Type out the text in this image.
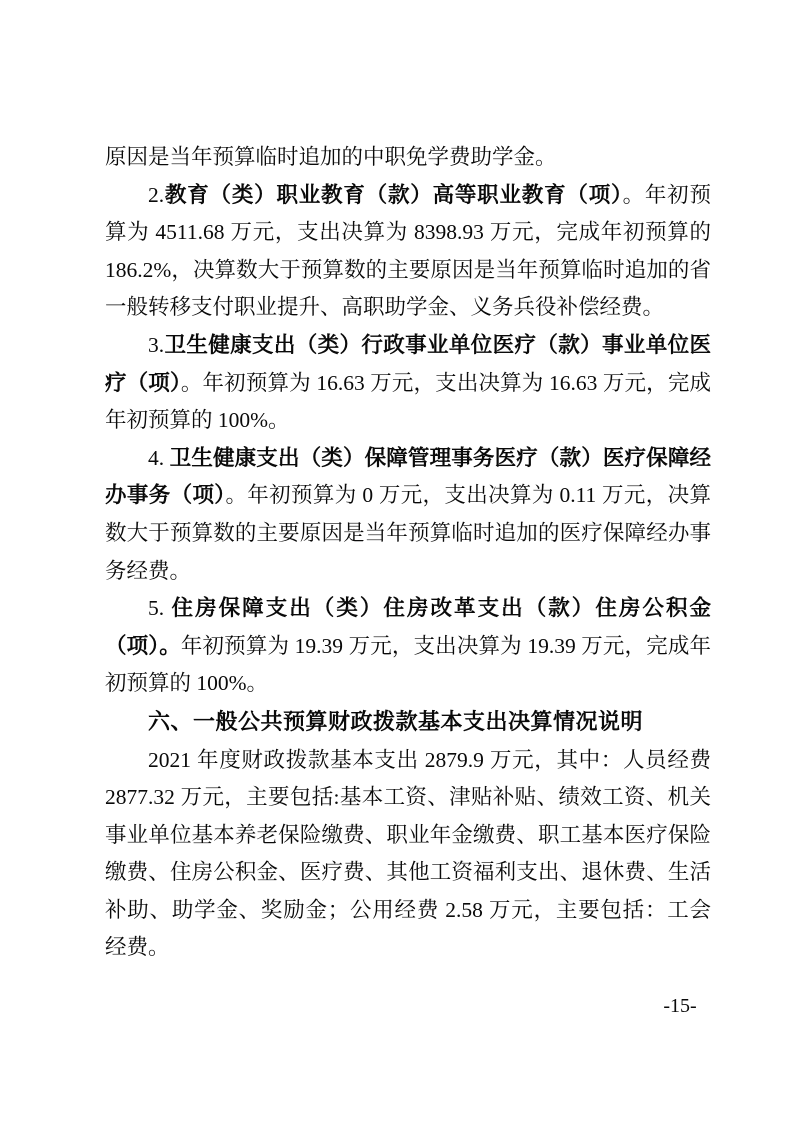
原因是当年预算临时追加的中职免学费助学金。

2.教育（类）职业教育（款）高等职业教育（项）。年初预算为 4511.68 万元，支出决算为 8398.93 万元，完成年初预算的 186.2%，决算数大于预算数的主要原因是当年预算临时追加的省一般转移支付职业提升、高职助学金、义务兵役补偿经费。

3.卫生健康支出（类）行政事业单位医疗（款）事业单位医疗（项）。年初预算为 16.63 万元，支出决算为 16.63 万元，完成年初预算的 100%。

4. 卫生健康支出（类）保障管理事务医疗（款）医疗保障经办事务（项）。年初预算为 0 万元，支出决算为 0.11 万元，决算数大于预算数的主要原因是当年预算临时追加的医疗保障经办事务经费。

5. 住房保障支出（类）住房改革支出（款）住房公积金（项）。年初预算为 19.39 万元，支出决算为 19.39 万元，完成年初预算的 100%。

六、一般公共预算财政拨款基本支出决算情况说明

2021 年度财政拨款基本支出 2879.9 万元，其中：人员经费 2877.32 万元，主要包括:基本工资、津贴补贴、绩效工资、机关事业单位基本养老保险缴费、职业年金缴费、职工基本医疗保险缴费、住房公积金、医疗费、其他工资福利支出、退休费、生活补助、助学金、奖励金；公用经费 2.58 万元，主要包括：工会经费。

-15-
